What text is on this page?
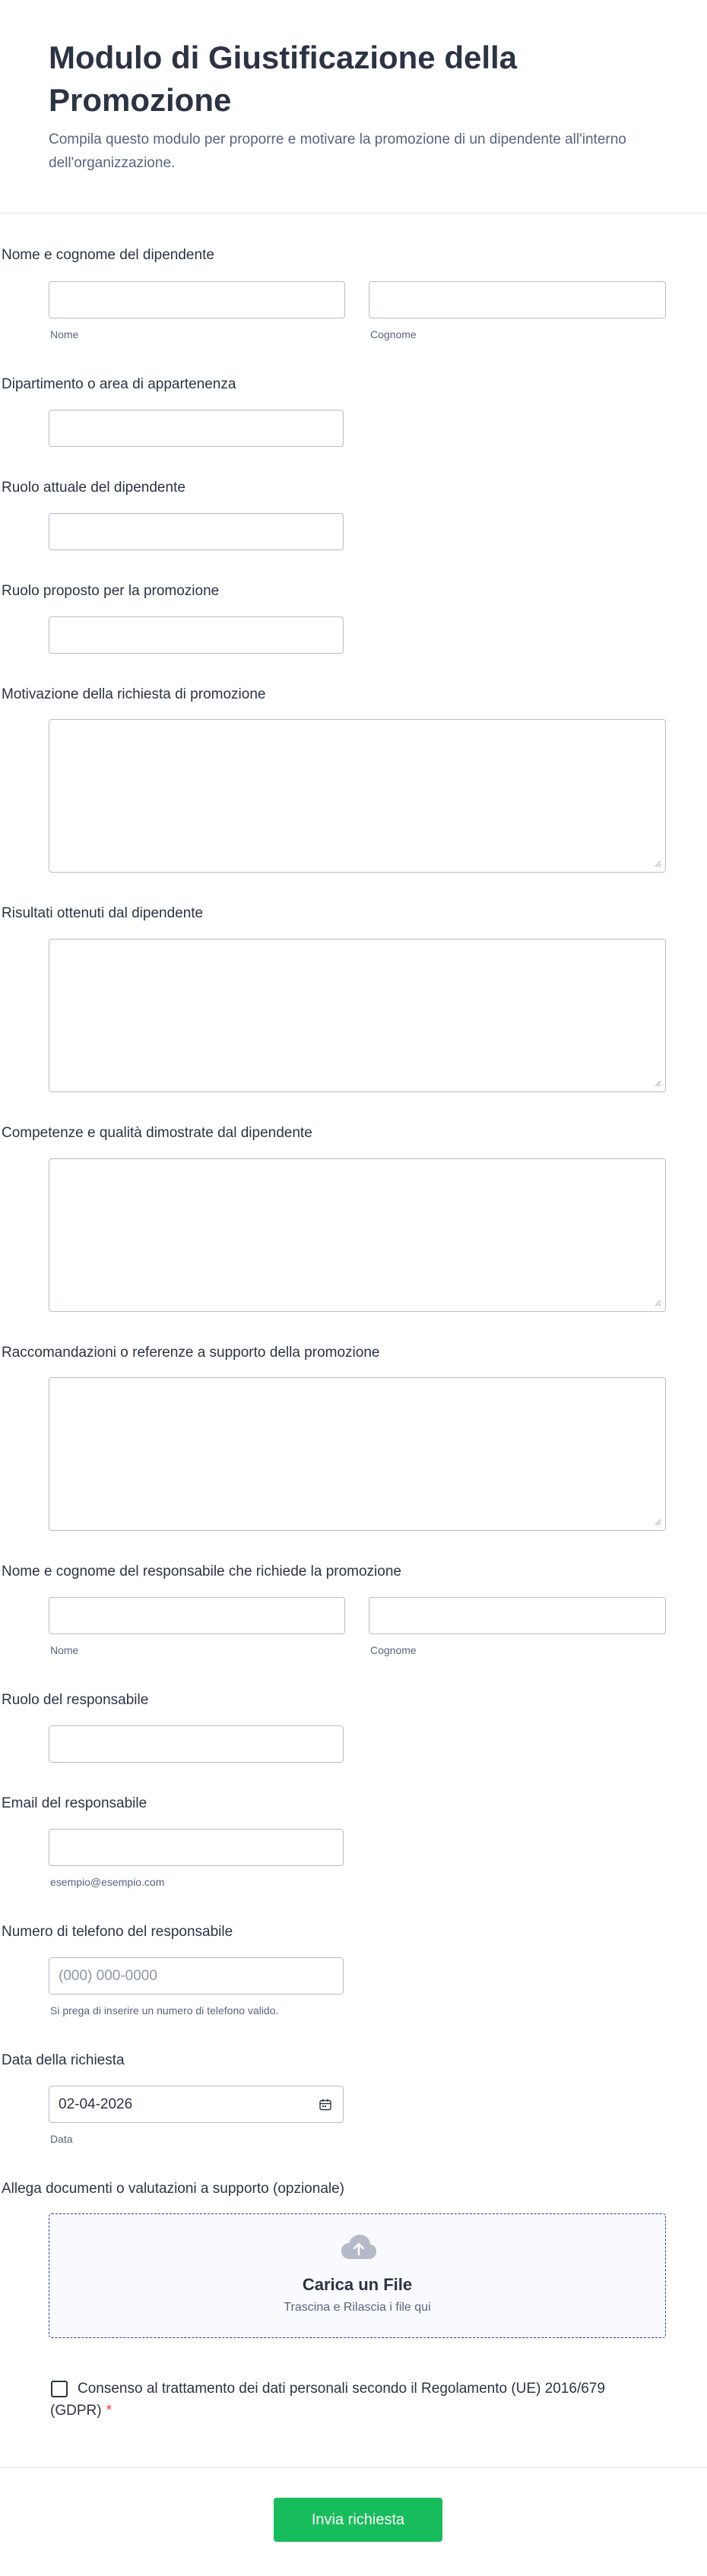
Modulo di Giustificazione della Promozione

Compila questo modulo per proporre e motivare la promozione di un dipendente all'interno dell'organizzazione.

Nome e cognome del dipendente
Nome	Cognome
Dipartimento o area di appartenenza
Ruolo attuale del dipendente
Ruolo proposto per la promozione
Motivazione della richiesta di promozione
Risultati ottenuti dal dipendente
Competenze e qualità dimostrate dal dipendente
Raccomandazioni o referenze a supporto della promozione
Nome e cognome del responsabile che richiede la promozione
Nome	Cognome
Ruolo del responsabile
Email del responsabile
esempio@esempio.com
Numero di telefono del responsabile
(000) 000-0000
Si prega di inserire un numero di telefono valido.
Data della richiesta
02-04-2026
Data
Allega documenti o valutazioni a supporto (opzionale)
Carica un File
Trascina e Rilascia i file qui
Consenso al trattamento dei dati personali secondo il Regolamento (UE) 2016/679 (GDPR) *
Invia richiesta
